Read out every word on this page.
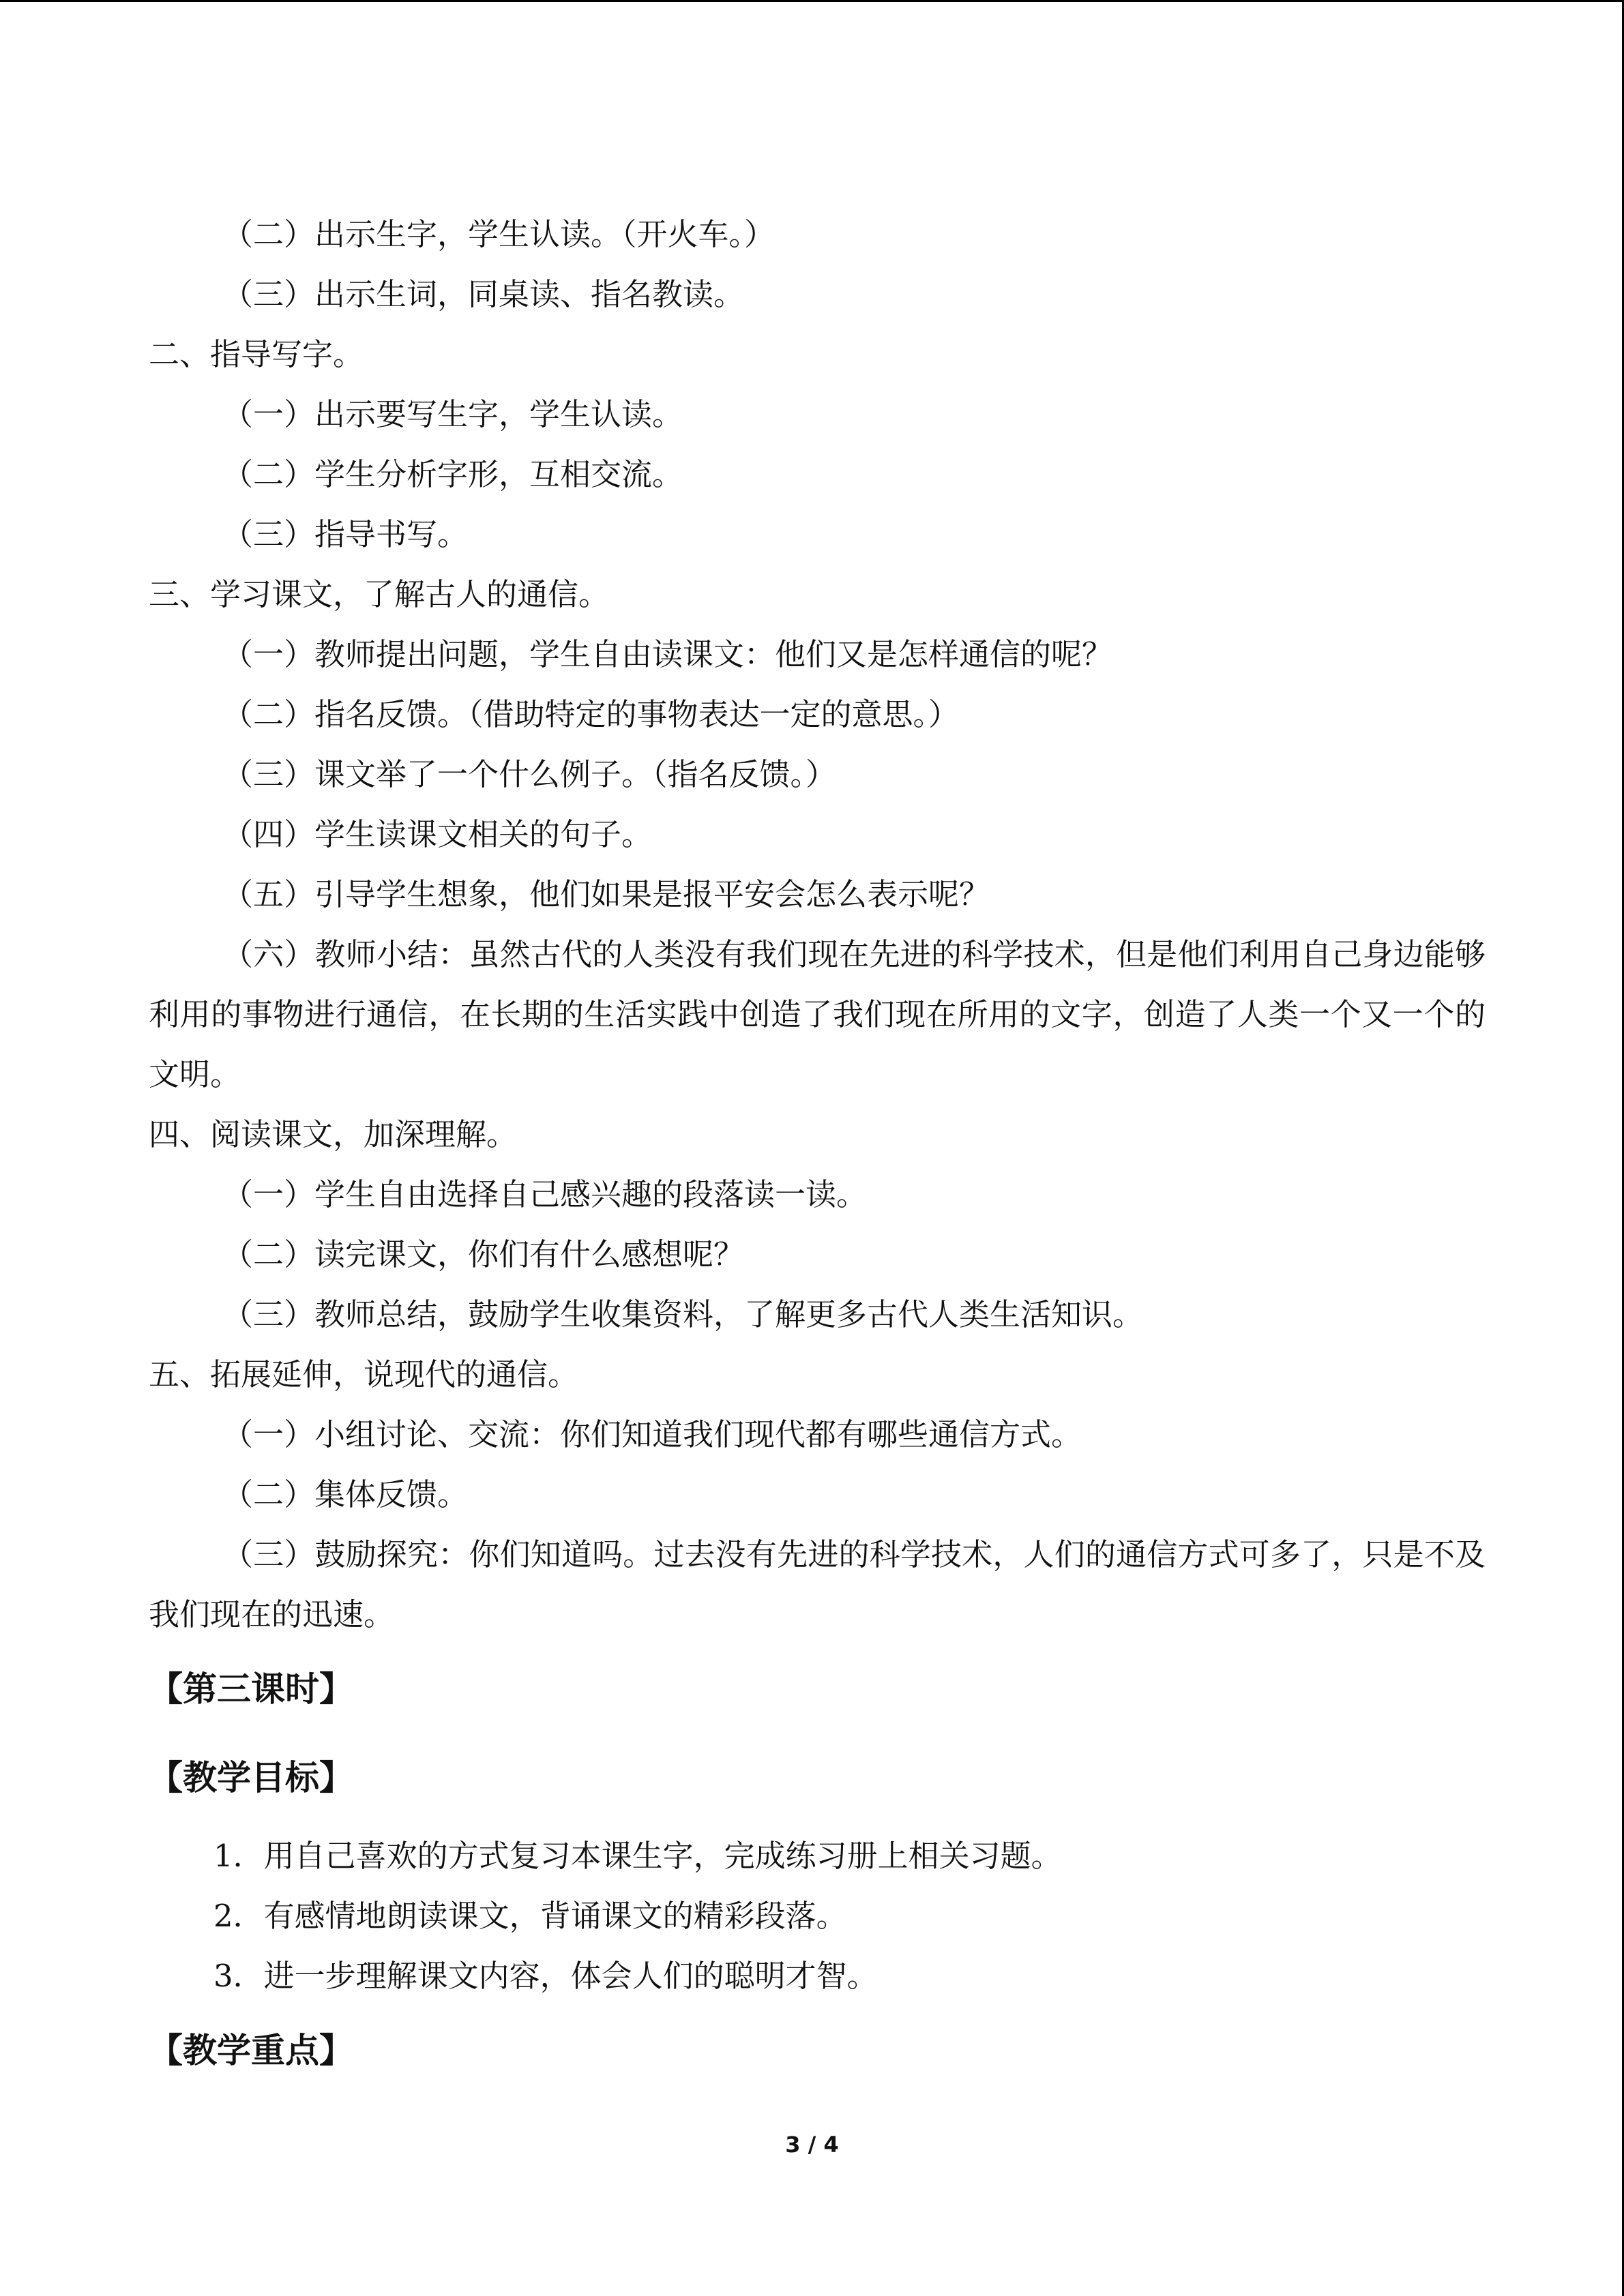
（二）出示生字，学生认读。（开火车。）
（三）出示生词，同桌读、指名教读。
二、指导写字。
（一）出示要写生字，学生认读。
（二）学生分析字形，互相交流。
（三）指导书写。
三、学习课文，了解古人的通信。
（一）教师提出问题，学生自由读课文：他们又是怎样通信的呢？
（二）指名反馈。（借助特定的事物表达一定的意思。）
（三）课文举了一个什么例子。（指名反馈。）
（四）学生读课文相关的句子。
（五）引导学生想象，他们如果是报平安会怎么表示呢？
（六）教师小结：虽然古代的人类没有我们现在先进的科学技术，但是他们利用自己身边能够利用的事物进行通信，在长期的生活实践中创造了我们现在所用的文字，创造了人类一个又一个的文明。
四、阅读课文，加深理解。
（一）学生自由选择自己感兴趣的段落读一读。
（二）读完课文，你们有什么感想呢？
（三）教师总结，鼓励学生收集资料，了解更多古代人类生活知识。
五、拓展延伸，说现代的通信。
（一）小组讨论、交流：你们知道我们现代都有哪些通信方式。
（二）集体反馈。
（三）鼓励探究：你们知道吗。过去没有先进的科学技术，人们的通信方式可多了，只是不及我们现在的迅速。
【第三课时】
【教学目标】
1．用自己喜欢的方式复习本课生字，完成练习册上相关习题。
2．有感情地朗读课文，背诵课文的精彩段落。
3．进一步理解课文内容，体会人们的聪明才智。
【教学重点】
3 / 4
